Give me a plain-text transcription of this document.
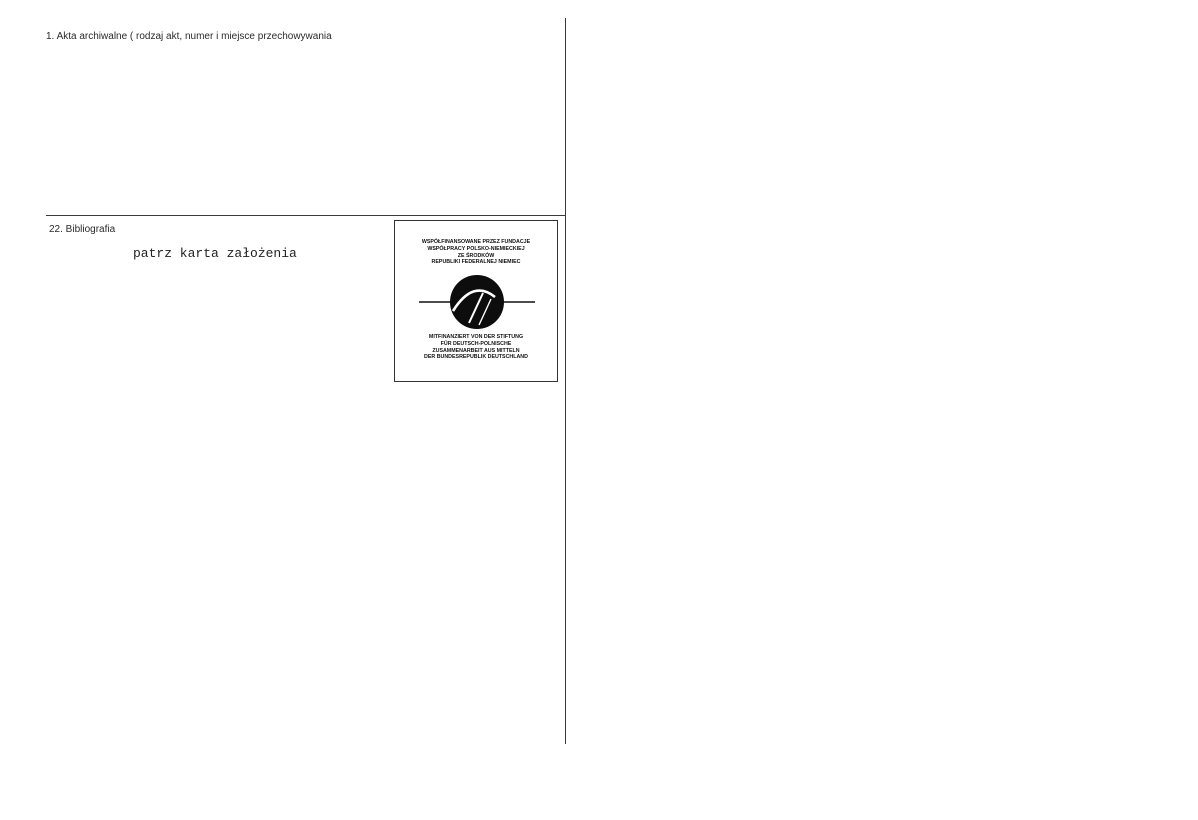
1. Akta archiwalne ( rodzaj akt, numer i miejsce przechowywania
22. Bibliografia
patrz karta założenia
WSPÓŁFINANSOWANE PRZEZ FUNDACJE
WSPÓŁPRACY POLSKO-NIEMIECKIEJ
ZE ŚRODKÓW
REPUBLIKI FEDERALNEJ NIEMIEC
MITFINANZIERT VON DER STIFTUNG
FÜR DEUTSCH-POLNISCHE
ZUSAMMENARBEIT AUS MITTELN
DER BUNDESREPUBLIK DEUTSCHLAND
